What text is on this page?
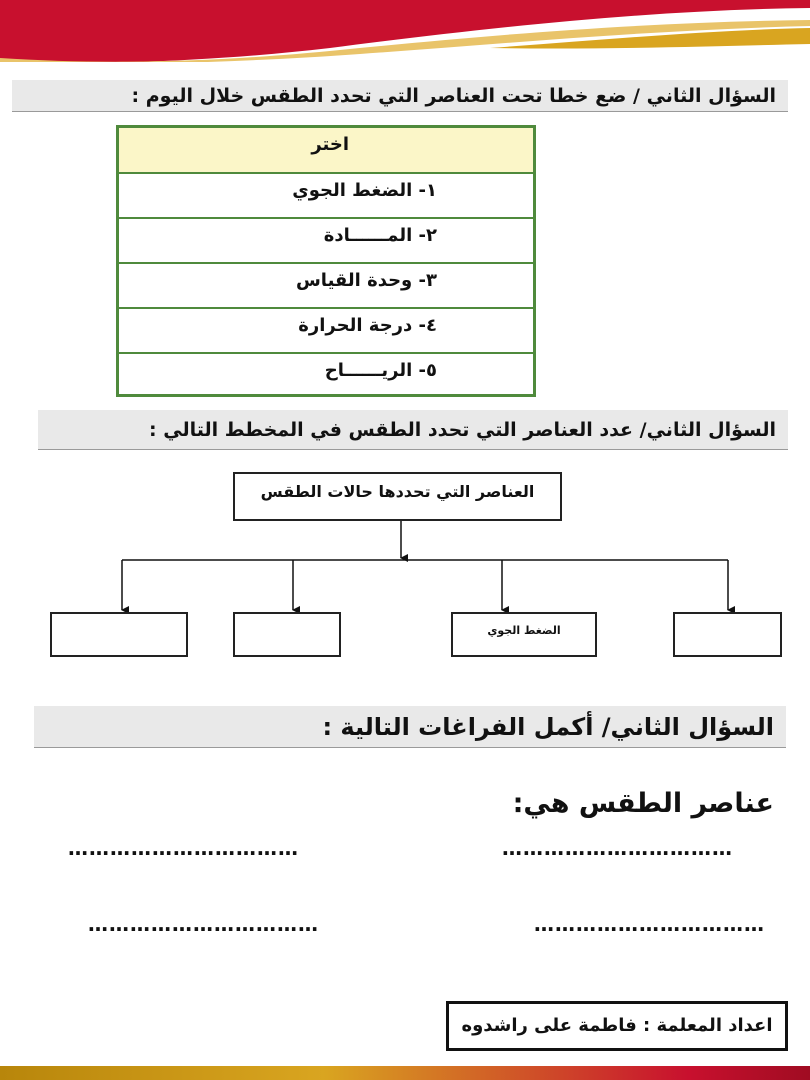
السؤال الثاني / ضع خطا تحت العناصر التي تحدد الطقس خلال اليوم :
اختر
١- الضغط الجوي
٢- المــــــادة
٣- وحدة القياس
٤- درجة الحرارة
٥- الريــــــاح
السؤال الثاني/ عدد العناصر التي تحدد الطقس في المخطط التالي :
العناصر التي تحددها حالات الطقس
الضغط الجوي
السؤال الثاني/ أكمل الفراغات التالية :
عناصر الطقس هي:
……………………………
……………………………
……………………………
……………………………
اعداد المعلمة : فاطمة على راشدوه
